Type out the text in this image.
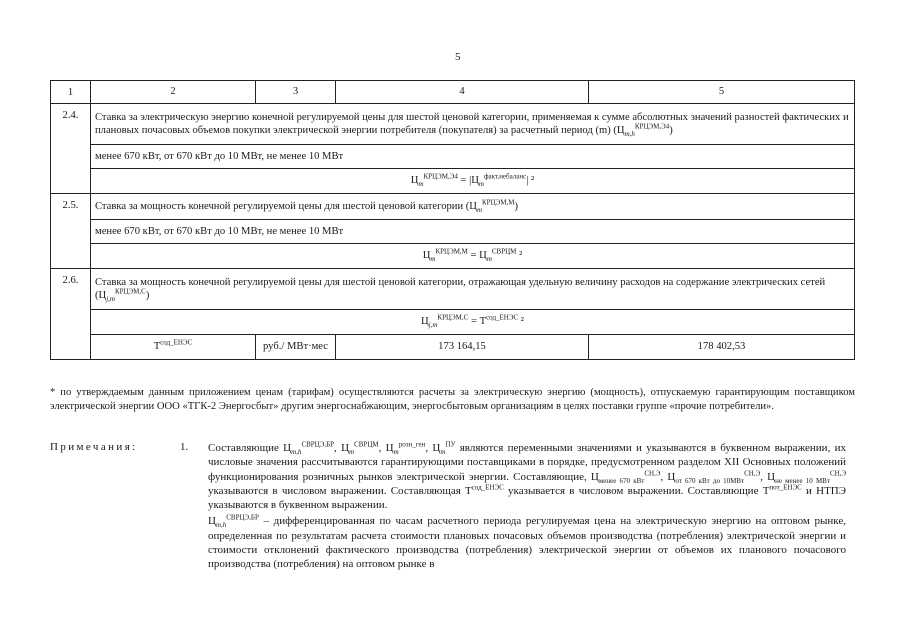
5
1	2	3	4	5
2.4.	Ставка за электрическую энергию конечной регулируемой цены для шестой ценовой категории, применяемая к сумме абсолютных значений разностей фактических и плановых почасовых объемов покупки электрической энергии потребителя (покупателя) за расчетный период (m) $(Ц_{m,h}^{КРЦЭМ,Э4})$			
	менее 670 кВт, от 670 кВт до 10 МВт, не менее 10 МВт			
	$Ц_m^{КРЦЭМ,Э4} = |Ц_m^{факт,небаланс}|$ ²			
2.5.	Ставка за мощность конечной регулируемой цены для шестой ценовой категории $(Ц_m^{КРЦЭМ,М})$			
	менее 670 кВт, от 670 кВт до 10 МВт, не менее 10 МВт			
	$Ц_m^{КРЦЭМ,М} = Ц_m^{СВРЦМ}$ ²			
2.6.	Ставка за мощность конечной регулируемой цены для шестой ценовой категории, отражающая удельную величину расходов на содержание электрических сетей $(Ц_{j,m}^{КРЦЭМ,С})$			
	$Ц_{j,m}^{КРЦЭМ,С} = Т^{сод\_ЕНЭС}$ ²			
	$Т^{сод\_ЕНЭС}$	руб./ МВт·мес	173 164,15	178 402,53
* по утверждаемым данным приложением ценам (тарифам) осуществляются расчеты за электрическую энергию (мощность), отпускаемую гарантирующим поставщиком электрической энергии ООО «ТГК-2 Энергосбыт» другим энергоснабжающим, энергосбытовым организациям в целях поставки группе «прочие потребители».
Примечания:	1. Составляющие $Ц_{m,h}^{СВРЦЭ,БР}$, $Ц_m^{СВРЦМ}$, $Ц_m^{розн\_ген}$, $Ц_m^{ПУ}$ являются переменными значениями и указываются в буквенном выражении, их числовые значения рассчитываются гарантирующими поставщиками в порядке, предусмотренном разделом XII Основных положений функционирования розничных рынков электрической энергии. Составляющие, $Ц_{менее 670 кВт}^{СН,Э}$, $Ц_{от 670 кВт до 10МВт}^{СН,Э}$, $Ц_{не менее 10 МВт}^{СН,Э}$ указываются в числовом выражении. Составляющая $Т^{сод\_ЕНЭС}$ указывается в числовом выражении. Составляющие $Т^{пот\_ЕНЭС}$ и НТПЭ указываются в буквенном выражении.

$Ц_{m,h}^{СВРЦЭ,БР}$ – дифференцированная по часам расчетного периода регулируемая цена на электрическую энергию на оптовом рынке, определенная по результатам расчета стоимости плановых почасовых объемов производства (потребления) электрической энергии и стоимости отклонений фактического производства (потребления) электрической энергии от объемов их планового почасового производства (потребления) на оптовом рынке в
